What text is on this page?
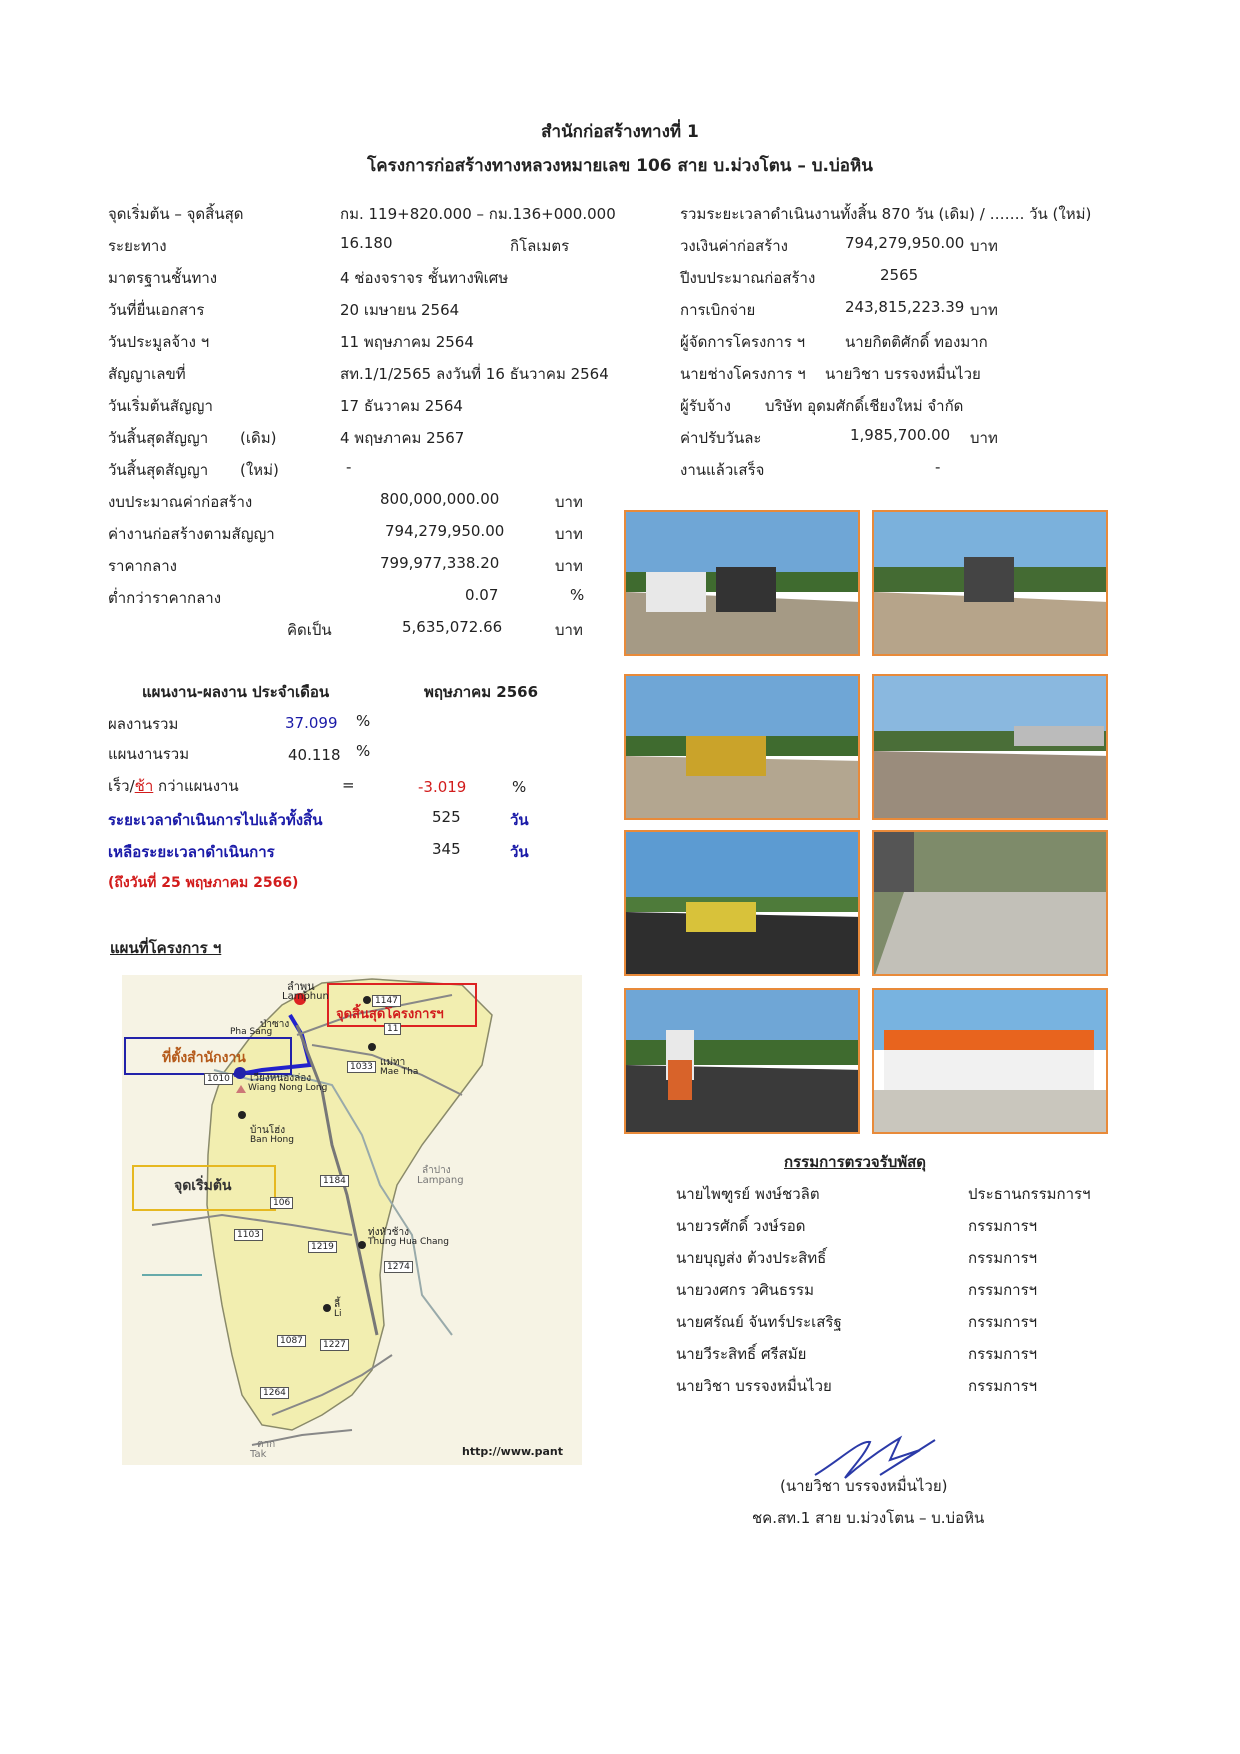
สำนักก่อสร้างทางที่ 1
โครงการก่อสร้างทางหลวงหมายเลข 106 สาย บ.ม่วงโตน – บ.บ่อหิน
จุดเริ่มต้น – จุดสิ้นสุด	กม. 119+820.000 – กม.136+000.000
ระยะทาง	16.180	กิโลเมตร
มาตรฐานชั้นทาง	4 ช่องจราจร ชั้นทางพิเศษ
วันที่ยื่นเอกสาร	20 เมษายน 2564
วันประมูลจ้าง ฯ	11 พฤษภาคม 2564
สัญญาเลขที่	สท.1/1/2565 ลงวันที่ 16 ธันวาคม 2564
วันเริ่มต้นสัญญา	17 ธันวาคม 2564
วันสิ้นสุดสัญญา (เดิม)	4 พฤษภาคม 2567
วันสิ้นสุดสัญญา (ใหม่)	-
รวมระยะเวลาดำเนินงานทั้งสิ้น 870 วัน (เดิม) / ……. วัน (ใหม่)
วงเงินค่าก่อสร้าง	794,279,950.00 บาท
ปีงบประมาณก่อสร้าง	2565
การเบิกจ่าย	243,815,223.39 บาท
ผู้จัดการโครงการ ฯ	นายกิตติศักดิ์ ทองมาก
นายช่างโครงการ ฯ นายวิชา บรรจงหมื่นไวย
ผู้รับจ้าง บริษัท อุดมศักดิ์เชียงใหม่ จำกัด
ค่าปรับวันละ	1,985,700.00 บาท
งานแล้วเสร็จ	-
งบประมาณค่าก่อสร้าง	800,000,000.00	บาท
ค่างานก่อสร้างตามสัญญา	794,279,950.00	บาท
ราคากลาง	799,977,338.20	บาท
ต่ำกว่าราคากลาง	0.07	%
คิดเป็น	5,635,072.66	บาท
แผนงาน-ผลงาน ประจำเดือน	พฤษภาคม 2566
ผลงานรวม	37.099 %
แผนงานรวม	40.118 %
เร็ว/ช้า กว่าแผนงาน	=	-3.019	%
ระยะเวลาดำเนินการไปแล้วทั้งสิ้น	525	วัน
เหลือระยะเวลาดำเนินการ	345	วัน
(ถึงวันที่ 25 พฤษภาคม 2566)
แผนที่โครงการ ฯ
จุดสิ้นสุดโครงการฯ
ที่ตั้งสำนักงาน
จุดเริ่มต้น
ลำพูน
Lamphun
ป่าซาง
Pha Sang
เวียงหนองล่อง
Wiang Nong Long
แม่ทา
Mae Tha
บ้านโฮ่ง
Ban Hong
ลำปาง
Lampang
ทุ่งหัวช้าง
Thung Hua Chang
ลี้
Li
ตาก
Tak
1147
11
1033
1010
1184
106
1103
1219
1274
1087	1227
1264
http://www.pant
กรรมการตรวจรับพัสดุ
นายไพฑูรย์ พงษ์ชวลิต	ประธานกรรมการฯ
นายวรศักดิ์ วงษ์รอด	กรรมการฯ
นายบุญส่ง ต้วงประสิทธิ์	กรรมการฯ
นายวงศกร วศินธรรม	กรรมการฯ
นายศรัณย์ จันทร์ประเสริฐ	กรรมการฯ
นายวีระสิทธิ์ ศรีสมัย	กรรมการฯ
นายวิชา บรรจงหมื่นไวย	กรรมการฯ
(นายวิชา บรรจงหมื่นไวย)
ชค.สท.1 สาย บ.ม่วงโตน – บ.บ่อหิน
